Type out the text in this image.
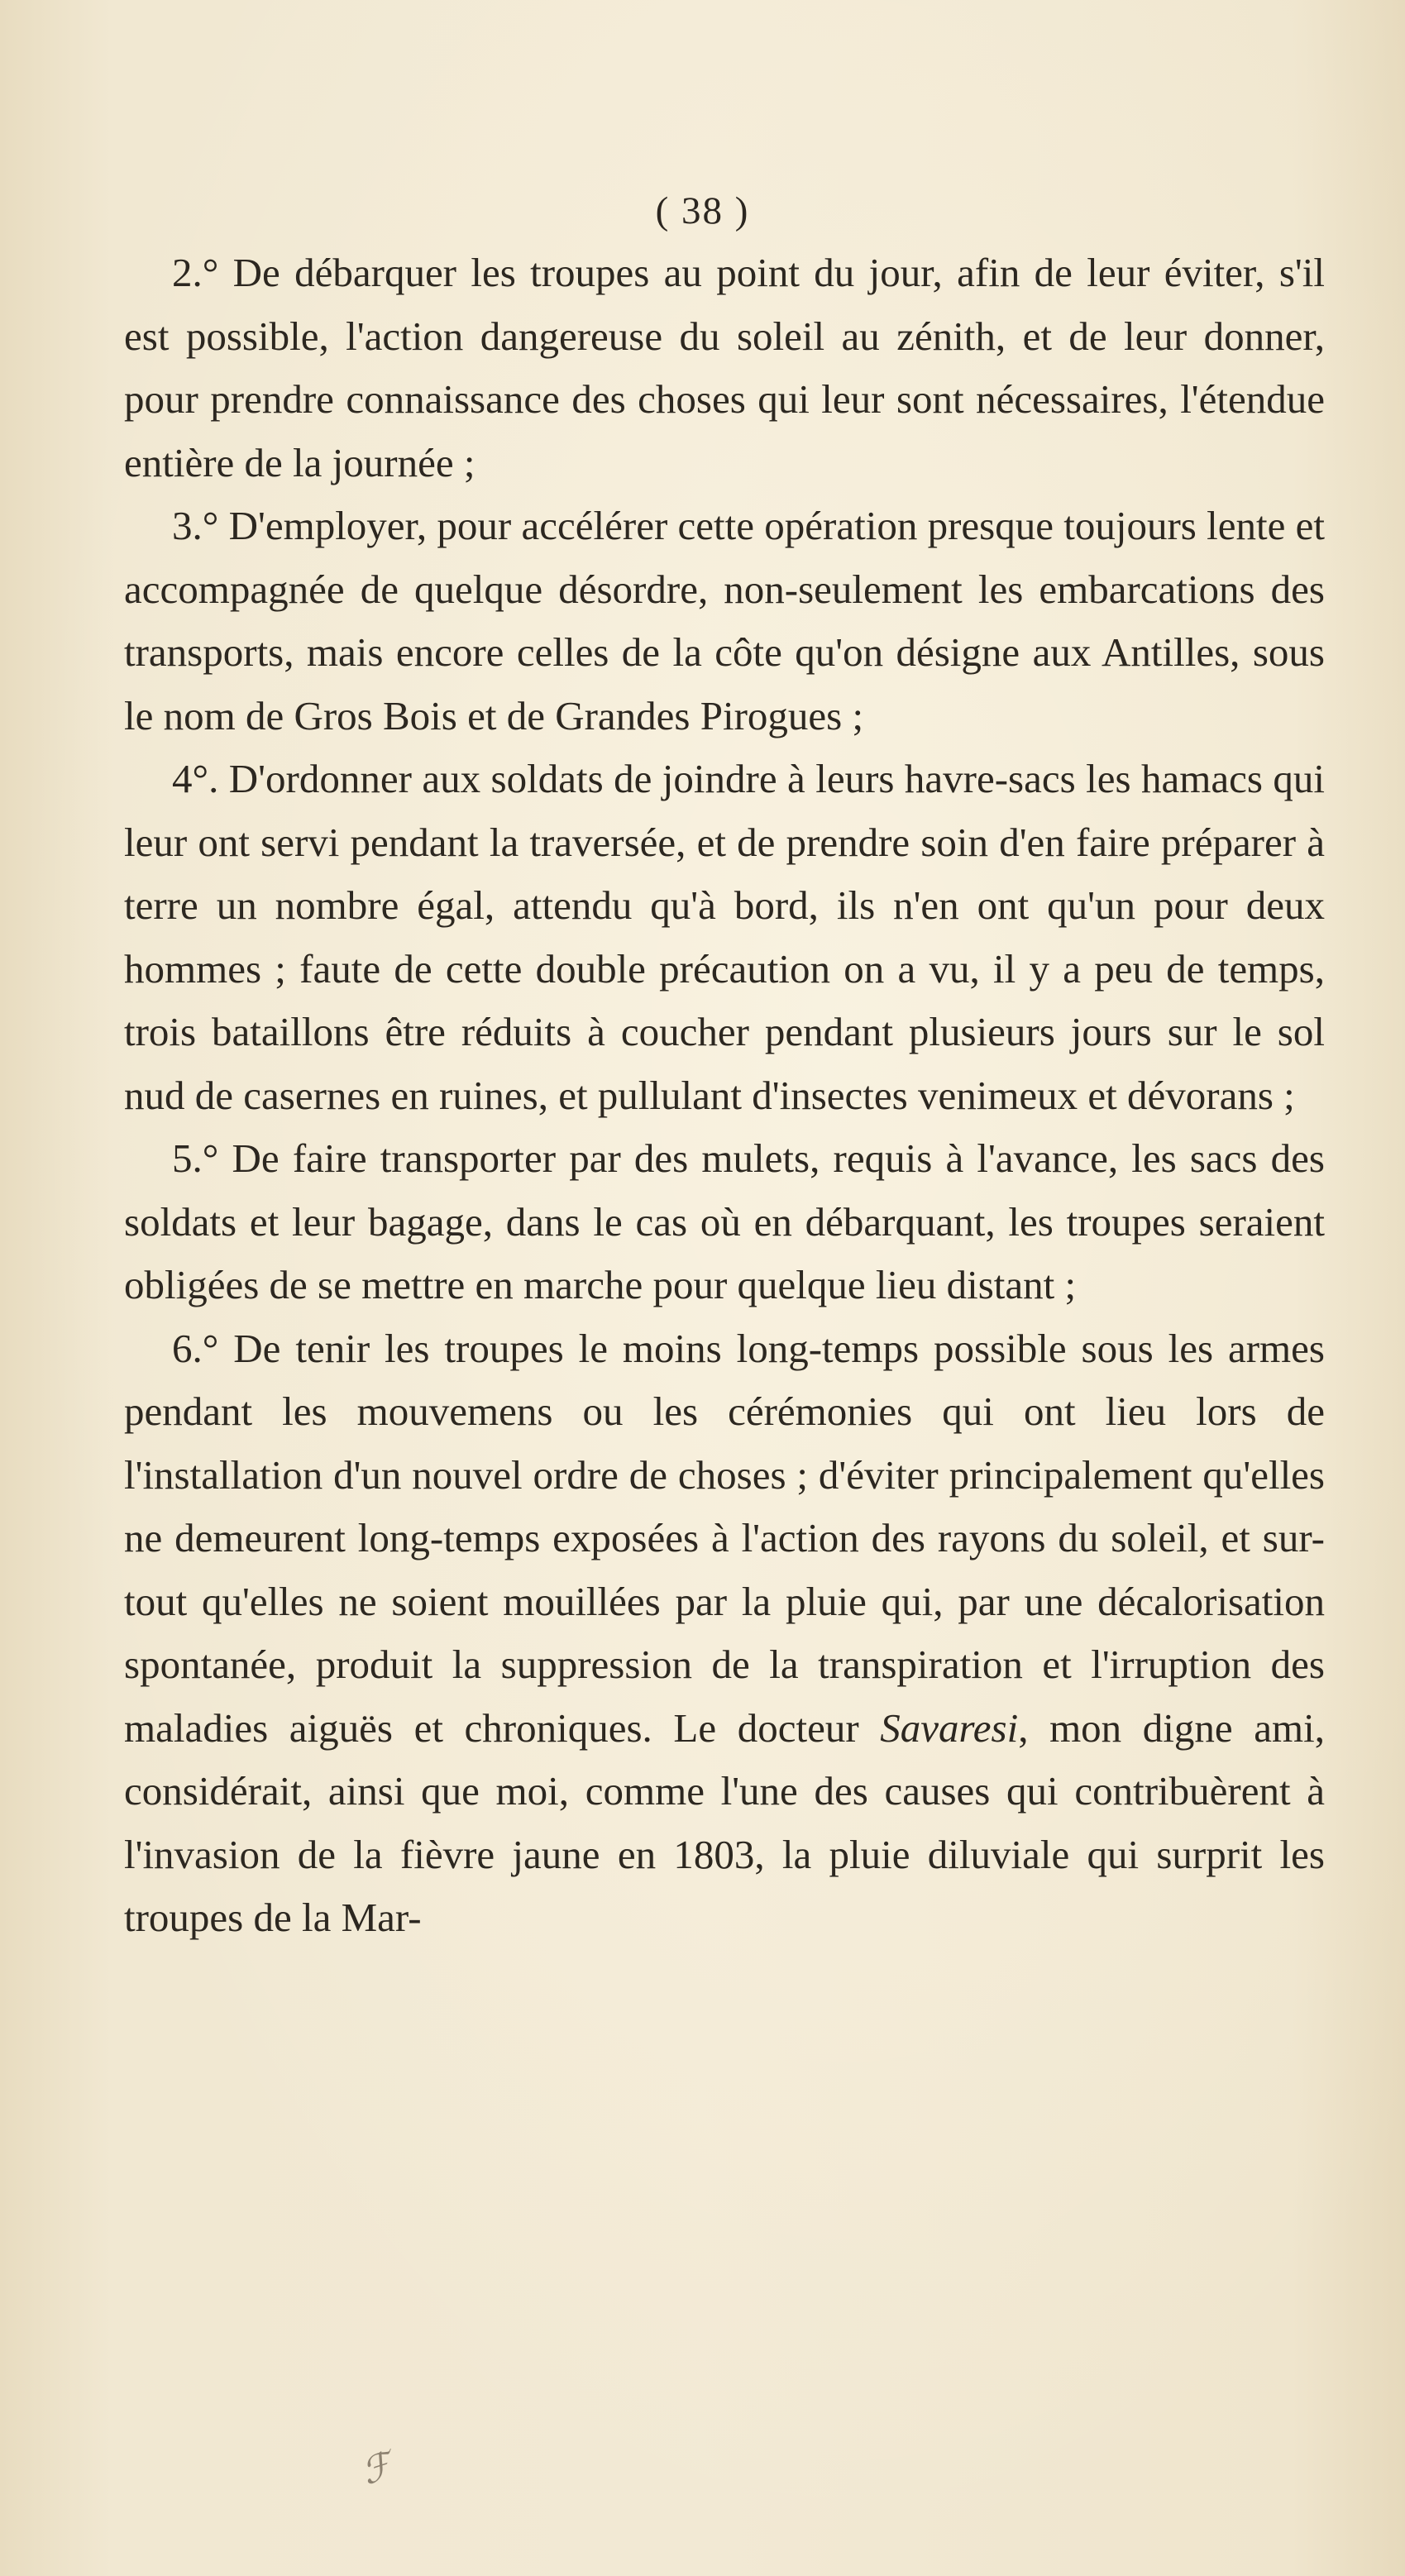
( 38 )

2.° De débarquer les troupes au point du jour, afin de leur éviter, s'il est possible, l'action dangereuse du soleil au zénith, et de leur donner, pour prendre connaissance des choses qui leur sont nécessaires, l'étendue entière de la journée ;

3.° D'employer, pour accélérer cette opération presque toujours lente et accompagnée de quelque désordre, non-seulement les embarcations des transports, mais encore celles de la côte qu'on désigne aux Antilles, sous le nom de Gros Bois et de Grandes Pirogues ;

4°. D'ordonner aux soldats de joindre à leurs havre-sacs les hamacs qui leur ont servi pendant la traversée, et de prendre soin d'en faire préparer à terre un nombre égal, attendu qu'à bord, ils n'en ont qu'un pour deux hommes ; faute de cette double précaution on a vu, il y a peu de temps, trois bataillons être réduits à coucher pendant plusieurs jours sur le sol nud de casernes en ruines, et pullulant d'insectes venimeux et dévorans ;

5.° De faire transporter par des mulets, requis à l'avance, les sacs des soldats et leur bagage, dans le cas où en débarquant, les troupes seraient obligées de se mettre en marche pour quelque lieu distant ;

6.° De tenir les troupes le moins long-temps possible sous les armes pendant les mouvemens ou les cérémonies qui ont lieu lors de l'installation d'un nouvel ordre de choses ; d'éviter principalement qu'elles ne demeurent long-temps exposées à l'action des rayons du soleil, et sur-tout qu'elles ne soient mouillées par la pluie qui, par une décalorisation spontanée, produit la suppression de la transpiration et l'irruption des maladies aiguës et chroniques. Le docteur Savaresi, mon digne ami, considérait, ainsi que moi, comme l'une des causes qui contribuèrent à l'invasion de la fièvre jaune en 1803, la pluie diluviale qui surprit les troupes de la Mar-

ℱ
